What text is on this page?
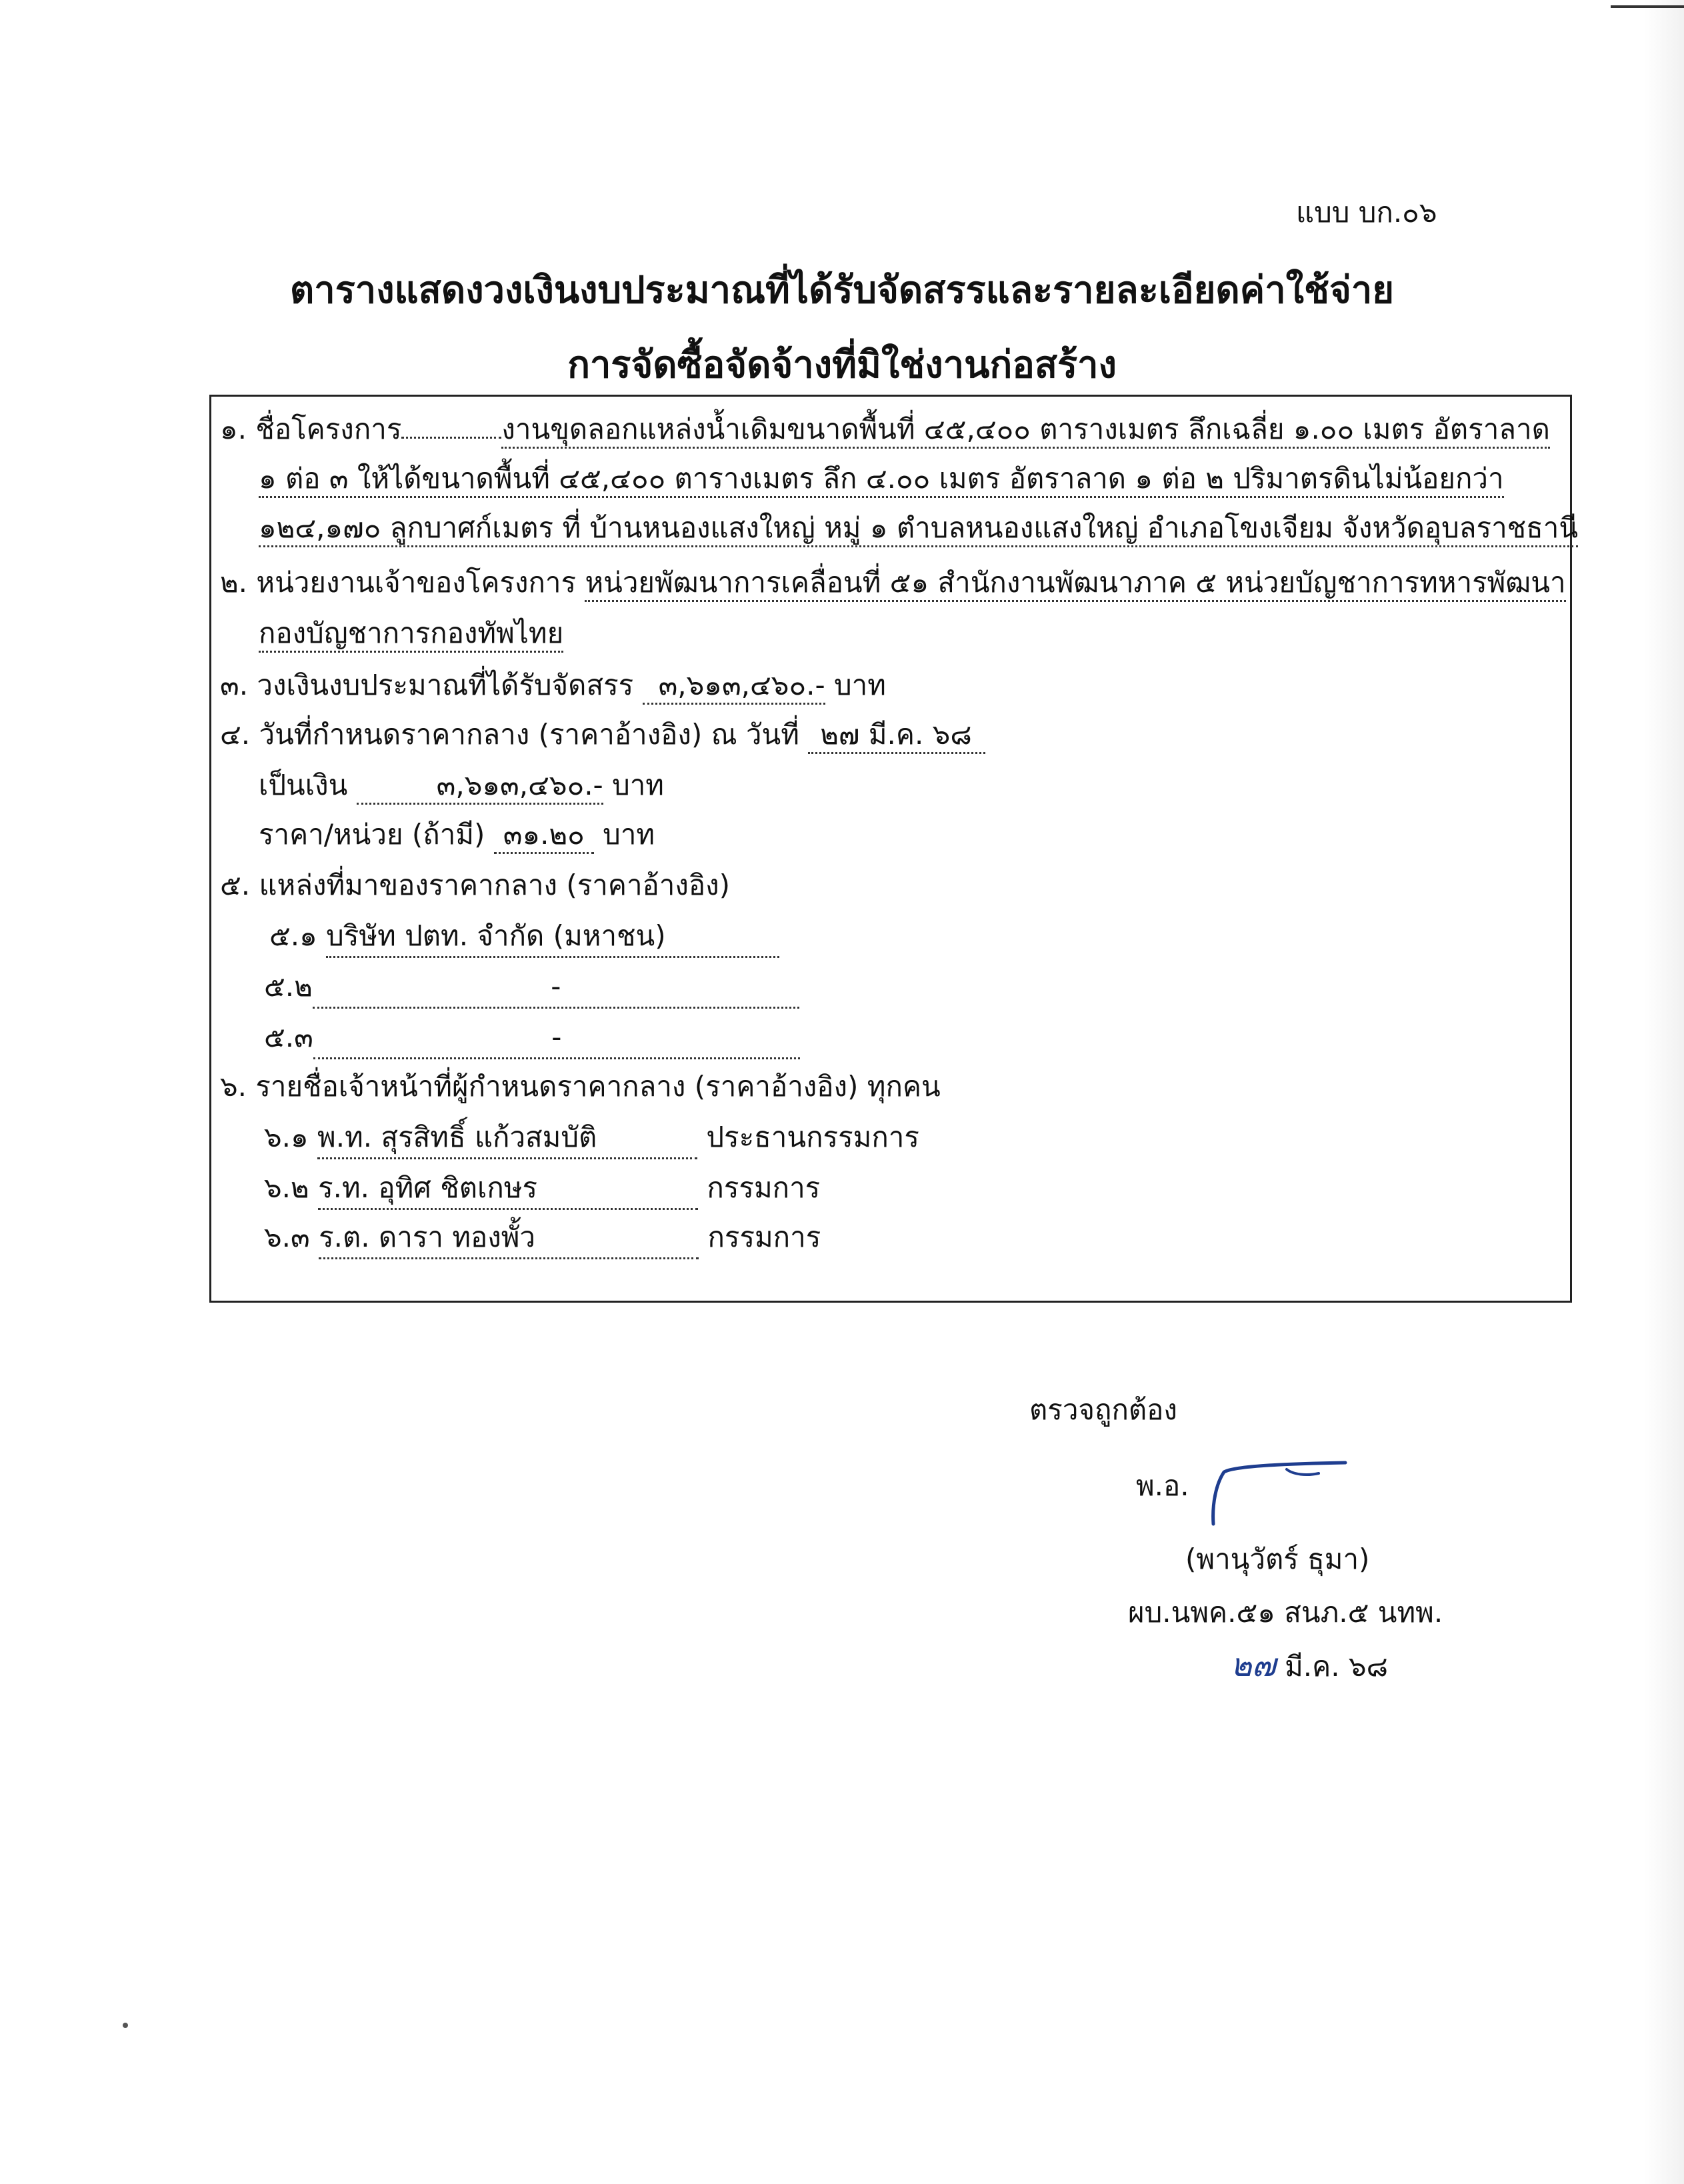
แบบ บก.๐๖
ตารางแสดงวงเงินงบประมาณที่ได้รับจัดสรรและรายละเอียดค่าใช้จ่าย
การจัดซื้อจัดจ้างที่มิใช่งานก่อสร้าง
๑. ชื่อโครงการ	งานขุดลอกแหล่งน้ำเดิมขนาดพื้นที่ ๔๕,๔๐๐ ตารางเมตร ลึกเฉลี่ย ๑.๐๐ เมตร อัตราลาด
๑ ต่อ ๓ ให้ได้ขนาดพื้นที่ ๔๕,๔๐๐ ตารางเมตร ลึก ๔.๐๐ เมตร อัตราลาด ๑ ต่อ ๒ ปริมาตรดินไม่น้อยกว่า
๑๒๔,๑๗๐ ลูกบาศก์เมตร ที่ บ้านหนองแสงใหญ่ หมู่ ๑ ตำบลหนองแสงใหญ่ อำเภอโขงเจียม จังหวัดอุบลราชธานี
๒. หน่วยงานเจ้าของโครงการ หน่วยพัฒนาการเคลื่อนที่ ๕๑ สำนักงานพัฒนาภาค ๕ หน่วยบัญชาการทหารพัฒนา
กองบัญชาการกองทัพไทย
๓. วงเงินงบประมาณที่ได้รับจัดสรร ๓,๖๑๓,๔๖๐.- บาท
๔. วันที่กำหนดราคากลาง (ราคาอ้างอิง) ณ วันที่ ๒๗ มี.ค. ๖๘
เป็นเงิน	๓,๖๑๓,๔๖๐.- บาท
ราคา/หน่วย (ถ้ามี) ๓๑.๒๐ บาท
๕. แหล่งที่มาของราคากลาง (ราคาอ้างอิง)
๕.๑ บริษัท ปตท. จำกัด (มหาชน)
๕.๒	-
๕.๓	-
๖. รายชื่อเจ้าหน้าที่ผู้กำหนดราคากลาง (ราคาอ้างอิง) ทุกคน
๖.๑ พ.ท. สุรสิทธิ์ แก้วสมบัติ	ประธานกรรมการ
๖.๒ ร.ท. อุทิศ ชิตเกษร	กรรมการ
๖.๓ ร.ต. ดารา ทองพั้ว	กรรมการ
ตรวจถูกต้อง
พ.อ.
(พานุวัตร์ ธุมา)
ผบ.นพค.๕๑ สนภ.๕ นทพ.
๒๗ มี.ค. ๖๘
